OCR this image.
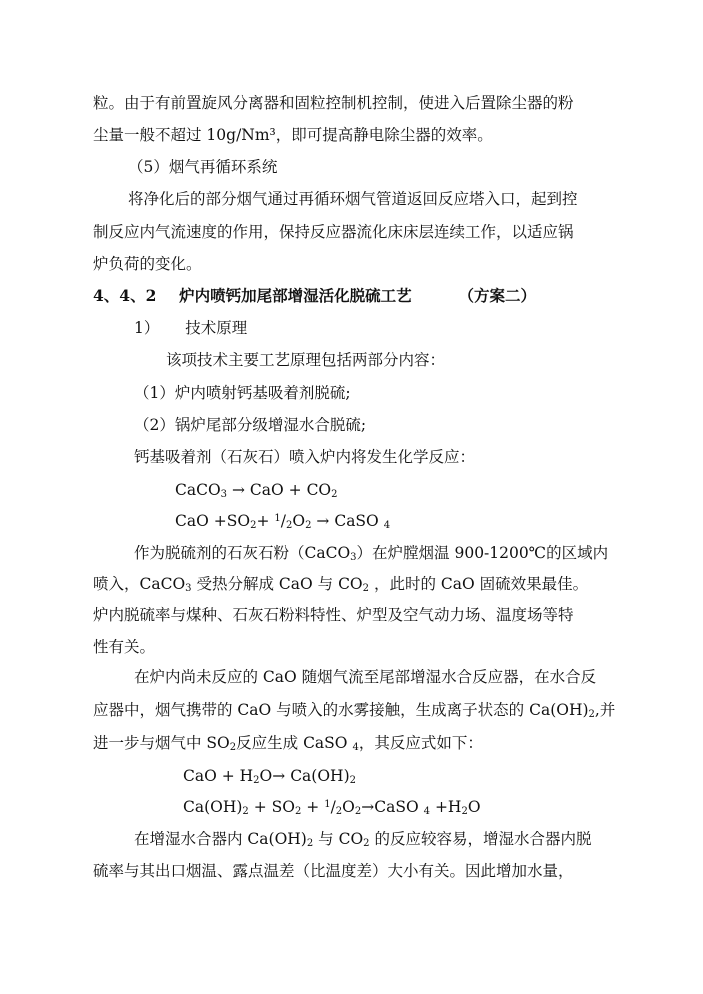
粒。由于有前置旋风分离器和固粒控制机控制，使进入后置除尘器的粉
尘量一般不超过 10g/Nm³，即可提高静电除尘器的效率。
（5）烟气再循环系统
将净化后的部分烟气通过再循环烟气管道返回反应塔入口，起到控
制反应内气流速度的作用，保持反应器流化床床层连续工作，以适应锅
炉负荷的变化。
4、4、2 炉内喷钙加尾部增湿活化脱硫工艺	（方案二）
1） 技术原理
该项技术主要工艺原理包括两部分内容：
（1）炉内喷射钙基吸着剂脱硫;
（2）锅炉尾部分级增湿水合脱硫;
钙基吸着剂（石灰石）喷入炉内将发生化学反应：
CaCO$_3$ → CaO + $CO_2$
CaO $+SO_2+ ^1/_2O_2$ → CaSO $_4$
作为脱硫剂的石灰石粉（CaCO$_3$）在炉膛烟温 900-1200℃的区域内
喷入，CaCO$_3$ 受热分解成 CaO 与 $CO_2$ ，此时的 CaO 固硫效果最佳。
炉内脱硫率与煤种、石灰石粉料特性、炉型及空气动力场、温度场等特
性有关。
在炉内尚未反应的 CaO 随烟气流至尾部增湿水合反应器，在水合反
应器中，烟气携带的 CaO 与喷入的水雾接触，生成离子状态的 $Ca(OH)_2$,并
进一步与烟气中 $SO_2$反应生成 CaSO $_4$，其反应式如下：
CaO + $H_2O\to Ca(OH)_2$
$Ca(OH)_2 + SO_2$ + $^1/_2O_2\to CaSO$ $_4 +H_2O$
在增湿水合器内 $Ca(OH)_2$ 与 $CO_2$ 的反应较容易，增湿水合器内脱
硫率与其出口烟温、露点温差（比温度差）大小有关。因此增加水量，
